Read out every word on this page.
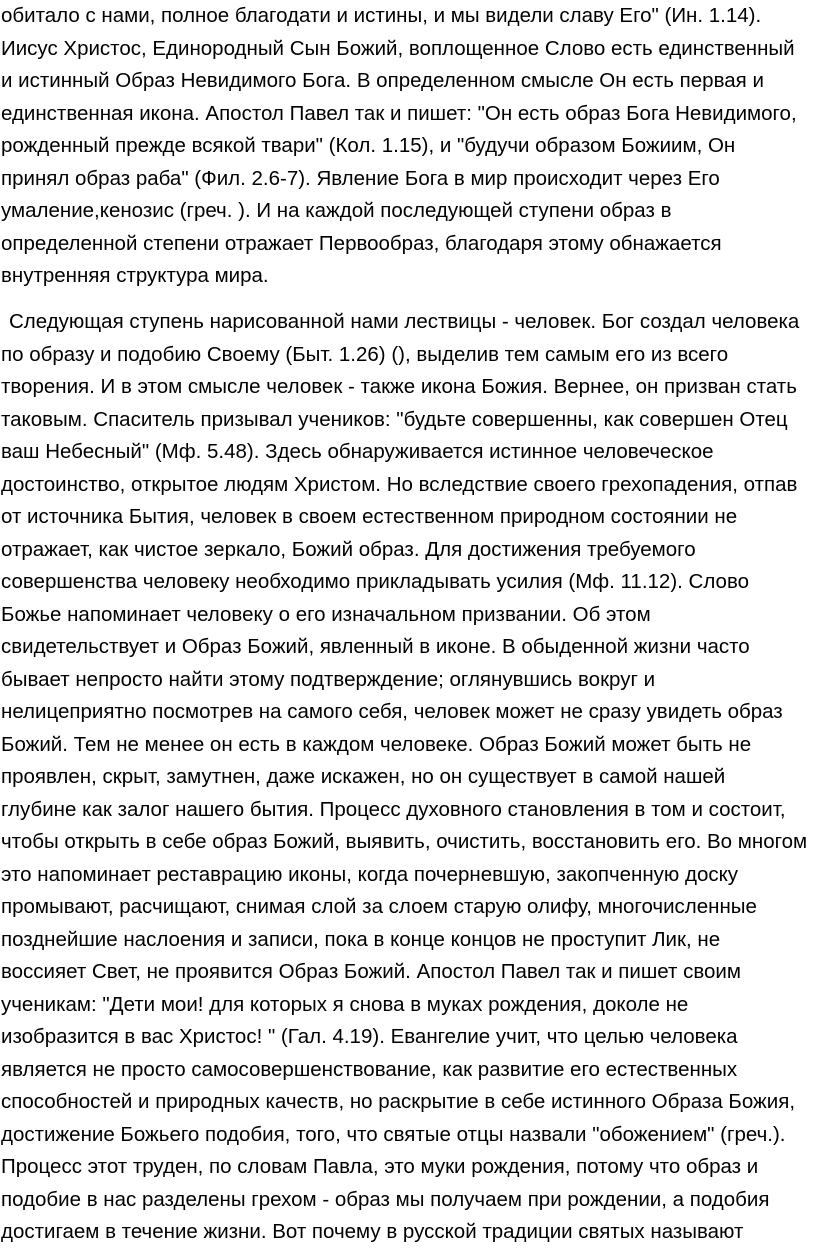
обитало с нами, полное благодати и истины, и мы видели славу Его" (Ин. 1.14).
Иисус Христос, Единородный Сын Божий, воплощенное Слово есть единственный
и истинный Образ Невидимого Бога. В определенном смысле Он есть первая и
единственная икона. Апостол Павел так и пишет: "Он есть образ Бога Невидимого,
рожденный прежде всякой твари" (Кол. 1.15), и "будучи образом Божиим, Он
принял образ раба" (Фил. 2.6-7). Явление Бога в мир происходит через Его
умаление,кенозис (греч. ). И на каждой последующей ступени образ в
определенной степени отражает Первообраз, благодаря этому обнажается
внутренняя структура мира.
Следующая ступень нарисованной нами лествицы - человек. Бог создал человека
по образу и подобию Своему (Быт. 1.26) (), выделив тем самым его из всего
творения. И в этом смысле человек - также икона Божия. Вернее, он призван стать
таковым. Спаситель призывал учеников: "будьте совершенны, как совершен Отец
ваш Небесный" (Мф. 5.48). Здесь обнаруживается истинное человеческое
достоинство, открытое людям Христом. Но вследствие своего грехопадения, отпав
от источника Бытия, человек в своем естественном природном состоянии не
отражает, как чистое зеркало, Божий образ. Для достижения требуемого
совершенства человеку необходимо прикладывать усилия (Мф. 11.12). Слово
Божье напоминает человеку о его изначальном призвании. Об этом
свидетельствует и Образ Божий, явленный в иконе. В обыденной жизни часто
бывает непросто найти этому подтверждение; оглянувшись вокруг и
нелицеприятно посмотрев на самого себя, человек может не сразу увидеть образ
Божий. Тем не менее он есть в каждом человеке. Образ Божий может быть не
проявлен, скрыт, замутнен, даже искажен, но он существует в самой нашей
глубине как залог нашего бытия. Процесс духовного становления в том и состоит,
чтобы открыть в себе образ Божий, выявить, очистить, восстановить его. Во многом
это напоминает реставрацию иконы, когда почерневшую, закопченную доску
промывают, расчищают, снимая слой за слоем старую олифу, многочисленные
позднейшие наслоения и записи, пока в конце концов не проступит Лик, не
воссияет Свет, не проявится Образ Божий. Апостол Павел так и пишет своим
ученикам: "Дети мои! для которых я снова в муках рождения, доколе не
изобразится в вас Христос! " (Гал. 4.19). Евангелие учит, что целью человека
является не просто самосовершенствование, как развитие его естественных
способностей и природных качеств, но раскрытие в себе истинного Образа Божия,
достижение Божьего подобия, того, что святые отцы назвали "обожением" (греч.).
Процесс этот труден, по словам Павла, это муки рождения, потому что образ и
подобие в нас разделены грехом - образ мы получаем при рождении, а подобия
достигаем в течение жизни. Вот почему в русской традиции святых называют
